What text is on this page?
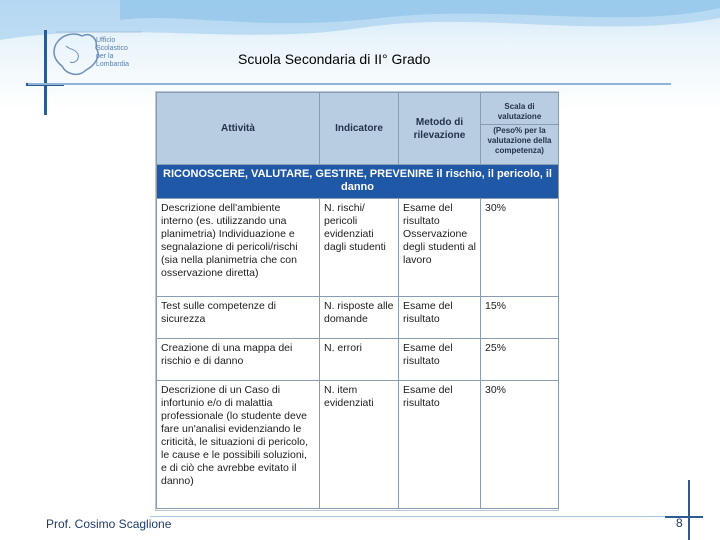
Ufficio
Scolastico
per la
Lombardia	Scuola Secondaria di II° Grado
Attività	Indicatore	Metodo di rilevazione	Scala di valutazione
(Peso% per la valutazione della competenza)

RICONOSCERE, VALUTARE, GESTIRE, PREVENIRE il rischio, il pericolo, il danno			
Descrizione dell'ambiente interno (es. utilizzando una planimetria) Individuazione e segnalazione di pericoli/rischi (sia nella planimetria che con osservazione diretta)	N. rischi/ pericoli evidenziati dagli studenti	Esame del risultato Osservazione degli studenti al lavoro	30%
Test sulle competenze di sicurezza	N. risposte alle domande	Esame del risultato	15%
Creazione di una mappa dei rischio e di danno	N. errori	Esame del risultato	25%
Descrizione di un Caso di infortunio e/o di malattia professionale (lo studente deve fare un'analisi evidenziando le criticità, le situazioni di pericolo, le cause e le possibili soluzioni, e di ciò che avrebbe evitato il danno)	N. item evidenziati	Esame del risultato	30%
Prof. Cosimo Scaglione	8
